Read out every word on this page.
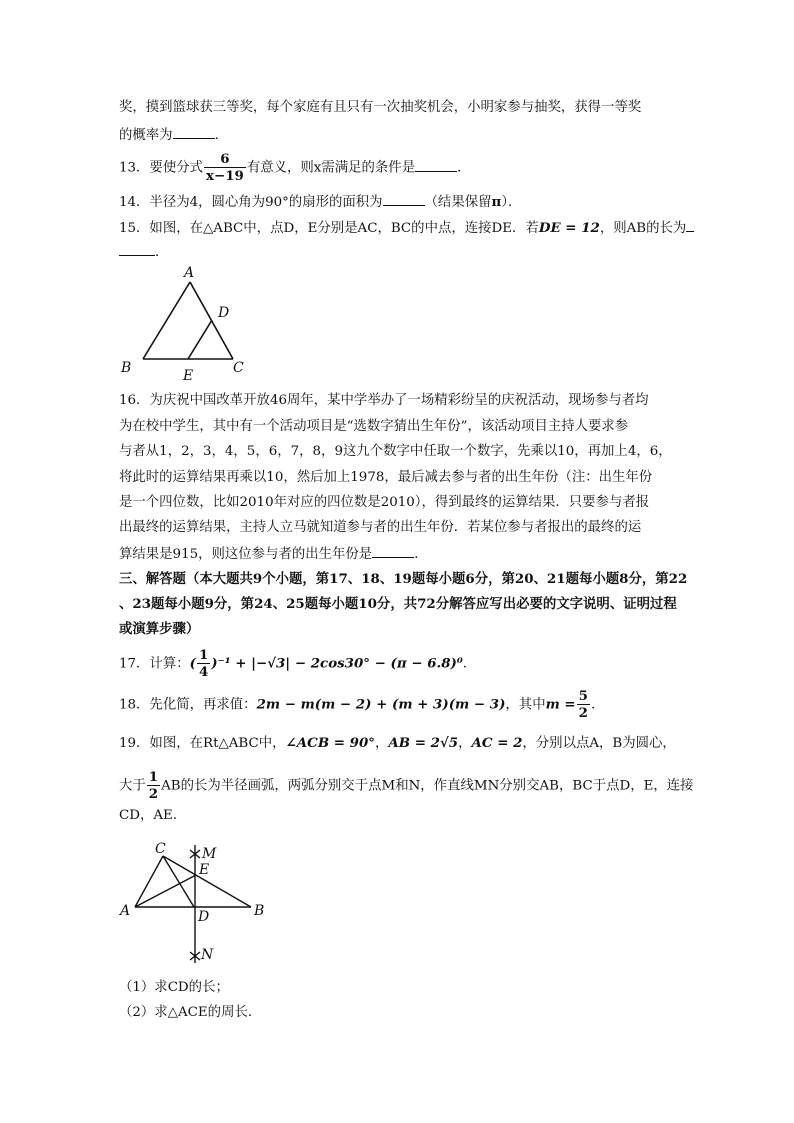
奖，摸到篮球获三等奖，每个家庭有且只有一次抽奖机会，小明家参与抽奖，获得一等奖
的概率为	．
13．要使分式 $\frac{6}{x-19}$ 有意义，则x需满足的条件是	．
14．半径为4，圆心角为90°的扇形的面积为	（结果保留π）．
15．如图，在△ABC中，点D，E分别是AC，BC的中点，连接DE．若DE = 12，则AB的长为
．
A
D
B	E	C
16．为庆祝中国改革开放46周年，某中学举办了一场精彩纷呈的庆祝活动，现场参与者均
为在校中学生，其中有一个活动项目是“选数字猜出生年份”，该活动项目主持人要求参
与者从1，2，3，4，5，6，7，8，9这九个数字中任取一个数字，先乘以10，再加上4，6，
将此时的运算结果再乘以10，然后加上1978，最后减去参与者的出生年份（注：出生年份
是一个四位数，比如2010年对应的四位数是2010），得到最终的运算结果．只要参与者报
出最终的运算结果，主持人立马就知道参与者的出生年份．若某位参与者报出的最终的运
算结果是915，则这位参与者的出生年份是	．
三、解答题（本大题共9个小题，第17、18、19题每小题6分，第20、21题每小题8分，第22
、23题每小题9分，第24、25题每小题10分，共72分解答应写出必要的文字说明、证明过程
或演算步骤）
17．计算：( $\frac{1}{4} )^{-1} + |-√3| - 2\cos 30^\circ - (\pi - 6.8)^0$.
18．先化简，再求值：2m − m(m − 2) + (m + 3)(m − 3)，其中$m = \frac{5}{2}$ .
19．如图，在Rt△ABC中，∠ACB = 90°，AB = 2√5，AC = 2，分别以点A，B为圆心，
大于 $\frac{1}{2}$ AB的长为半径画弧，两弧分别交于点M和N，作直线MN分别交AB，BC于点D，E，连接
CD，AE．
C	M
E
A	D	B
N
（1）求CD的长；
（2）求△ACE的周长．
